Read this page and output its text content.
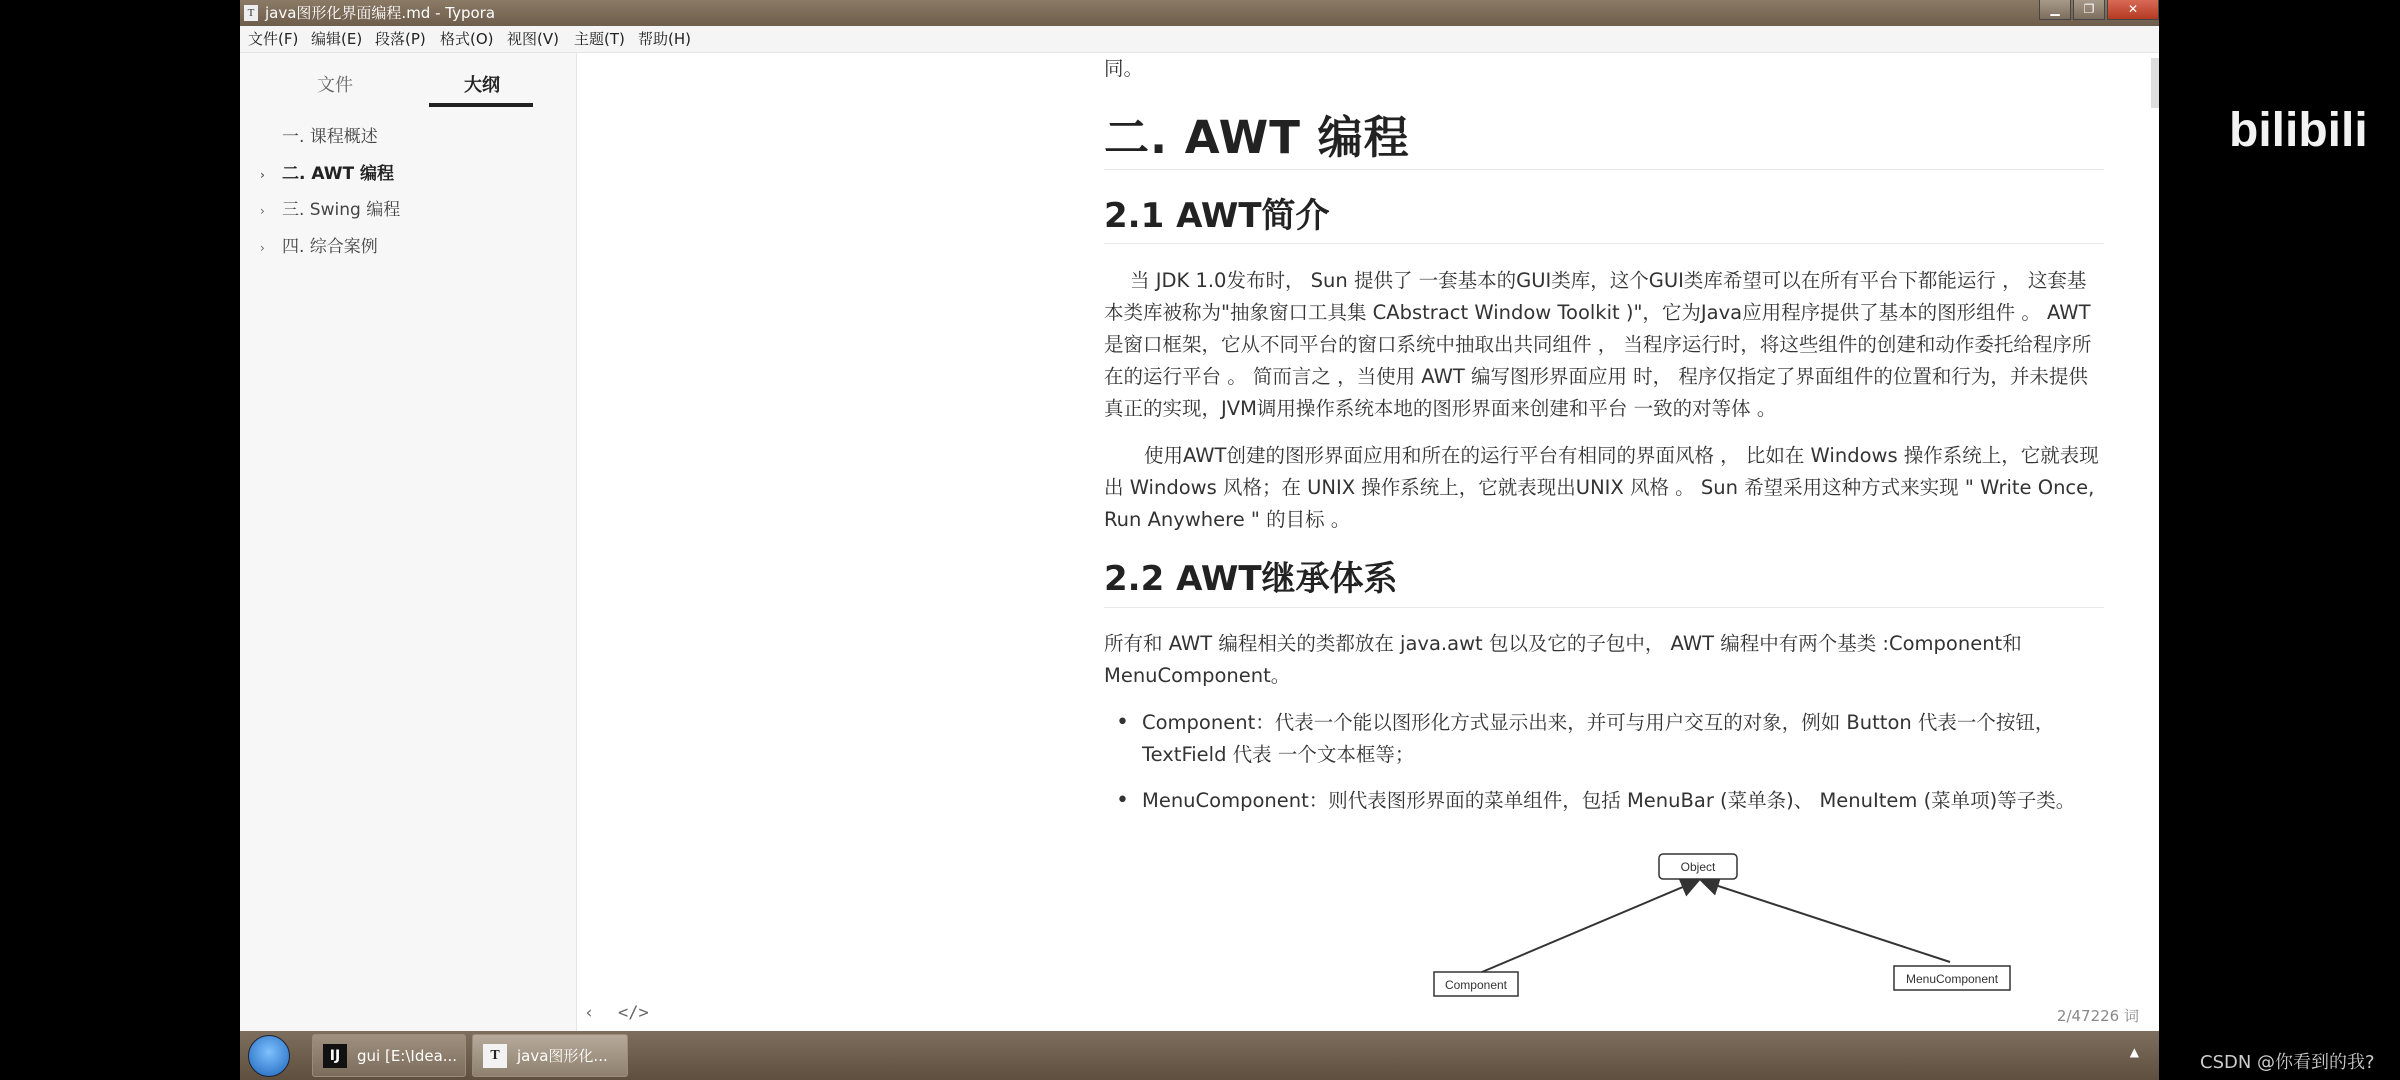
T java图形化界面编程.md - Typora	▁	❐	✕
文件(F) 编辑(E) 段落(P) 格式(O) 视图(V) 主题(T) 帮助(H)
文件	大纲
一. 课程概述
› 二. AWT 编程
› 三. Swing 编程
› 四. 综合案例
bilibili
同。
二. AWT 编程
2.1 AWT简介
当 JDK 1.0发布时， Sun 提供了 一套基本的GUI类库，这个GUI类库希望可以在所有平台下都能运行 ， 这套基本类库被称为"抽象窗口工具集 CAbstract Window Toolkit )"，它为Java应用程序提供了基本的图形组件 。 AWT是窗口框架，它从不同平台的窗口系统中抽取出共同组件 ， 当程序运行时，将这些组件的创建和动作委托给程序所在的运行平台 。 简而言之 ，当使用 AWT 编写图形界面应用 时， 程序仅指定了界面组件的位置和行为，并未提供真正的实现，JVM调用操作系统本地的图形界面来创建和平台 一致的对等体 。
使用AWT创建的图形界面应用和所在的运行平台有相同的界面风格 ， 比如在 Windows 操作系统上，它就表现出 Windows 风格；在 UNIX 操作系统上，它就表现出UNIX 风格 。 Sun 希望采用这种方式来实现 " Write Once, Run Anywhere " 的目标 。
2.2 AWT继承体系
所有和 AWT 编程相关的类都放在 java.awt 包以及它的子包中， AWT 编程中有两个基类 :Component和 MenuComponent。
• Component：代表一个能以图形化方式显示出来，并可与用户交互的对象，例如 Button 代表一个按钮，TextField 代表 一个文本框等；
• MenuComponent：则代表图形界面的菜单组件，包括 MenuBar (菜单条)、 MenuItem (菜单项)等子类。
Object
Component	MenuComponent
‹ </>	2/47226 词
IJ	gui [E:\Idea...	T	java图形化...	▲	CSDN @你看到的我?
